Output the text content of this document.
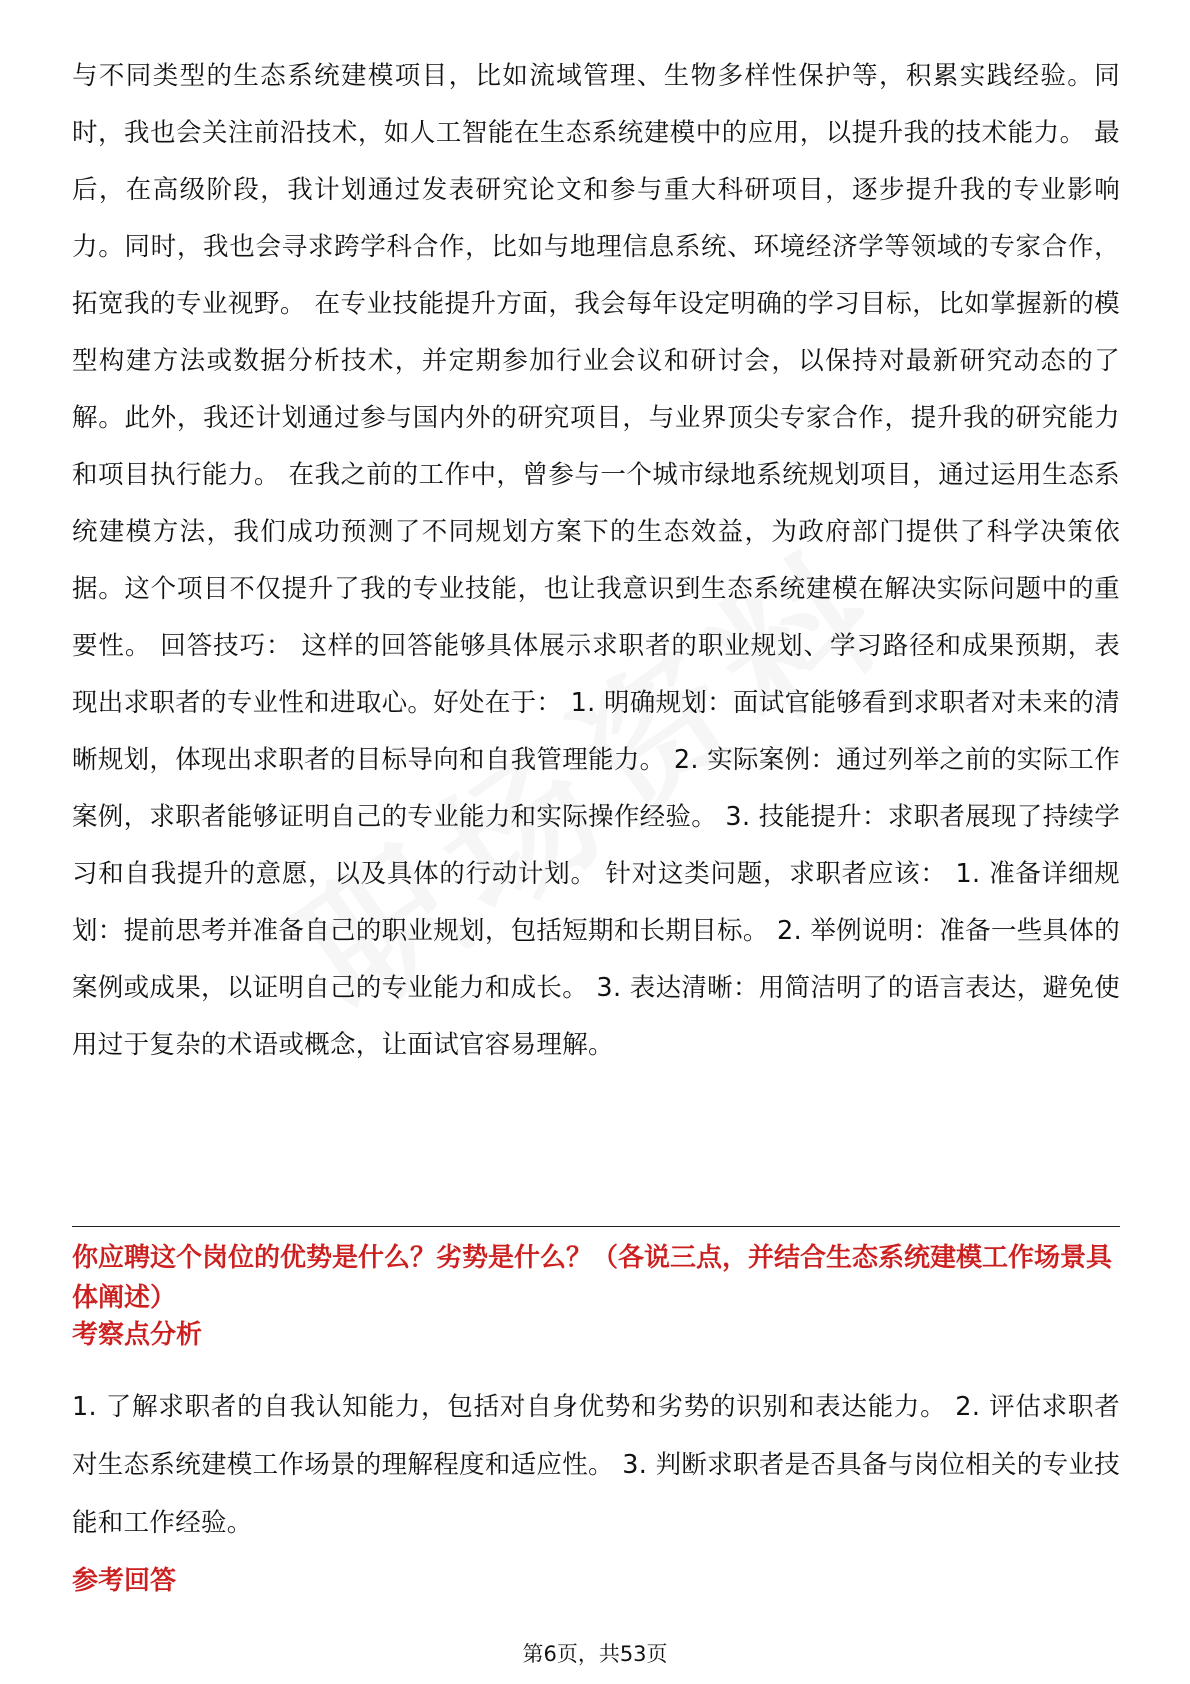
与不同类型的生态系统建模项目，比如流域管理、生物多样性保护等，积累实践经验。同时，我也会关注前沿技术，如人工智能在生态系统建模中的应用，以提升我的技术能力。 最后，在高级阶段，我计划通过发表研究论文和参与重大科研项目，逐步提升我的专业影响力。同时，我也会寻求跨学科合作，比如与地理信息系统、环境经济学等领域的专家合作，拓宽我的专业视野。 在专业技能提升方面，我会每年设定明确的学习目标，比如掌握新的模型构建方法或数据分析技术，并定期参加行业会议和研讨会，以保持对最新研究动态的了解。此外，我还计划通过参与国内外的研究项目，与业界顶尖专家合作，提升我的研究能力和项目执行能力。 在我之前的工作中，曾参与一个城市绿地系统规划项目，通过运用生态系统建模方法，我们成功预测了不同规划方案下的生态效益，为政府部门提供了科学决策依据。这个项目不仅提升了我的专业技能，也让我意识到生态系统建模在解决实际问题中的重要性。 回答技巧： 这样的回答能够具体展示求职者的职业规划、学习路径和成果预期，表现出求职者的专业性和进取心。好处在于： 1. 明确规划：面试官能够看到求职者对未来的清晰规划，体现出求职者的目标导向和自我管理能力。 2. 实际案例：通过列举之前的实际工作案例，求职者能够证明自己的专业能力和实际操作经验。 3. 技能提升：求职者展现了持续学习和自我提升的意愿，以及具体的行动计划。 针对这类问题，求职者应该： 1. 准备详细规划：提前思考并准备自己的职业规划，包括短期和长期目标。 2. 举例说明：准备一些具体的案例或成果，以证明自己的专业能力和成长。 3. 表达清晰：用简洁明了的语言表达，避免使用过于复杂的术语或概念，让面试官容易理解。

你应聘这个岗位的优势是什么？劣势是什么？（各说三点，并结合生态系统建模工作场景具体阐述）

考察点分析

1. 了解求职者的自我认知能力，包括对自身优势和劣势的识别和表达能力。 2. 评估求职者对生态系统建模工作场景的理解程度和适应性。 3. 判断求职者是否具备与岗位相关的专业技能和工作经验。

参考回答

第6页，共53页
